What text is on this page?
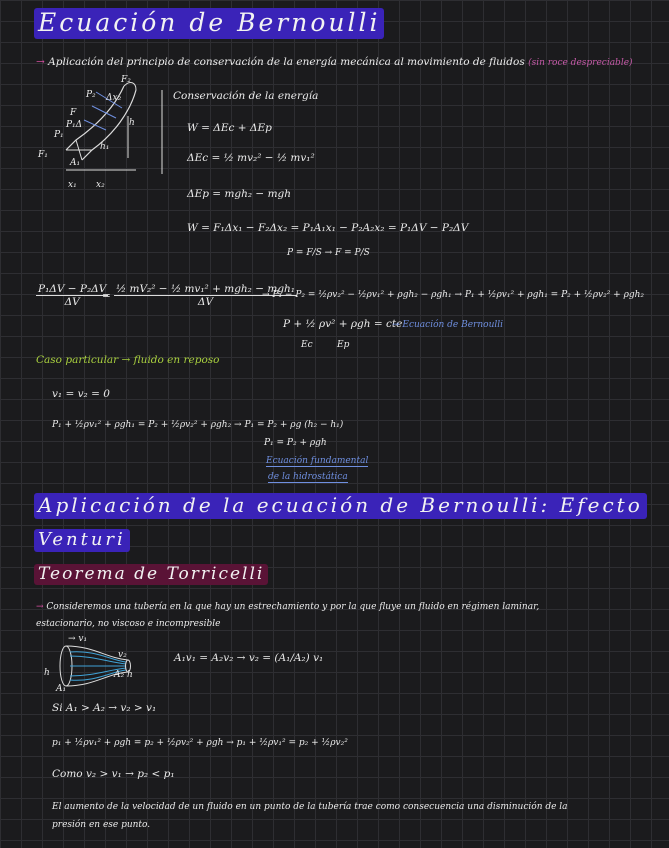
Ecuación de Bernoulli
→ Aplicación del principio de conservación de la energía mecánica al movimiento de fluidos (sin roce despreciable)
F₂
Δx₂
h
h₁
F₁
A₁
x₁ x₂
P₂
P₁
F
P₁Δ
Conservación de la energía
W = ΔEc + ΔEp
ΔEc = ½ mv₂² − ½ mv₁²
ΔEp = mgh₂ − mgh
W = F₁Δx₁ − F₂Δx₂ = P₁A₁x₁ − P₂A₂x₂ = P₁ΔV − P₂ΔV
P = F/S → F = P/S
$\frac{\text{P₁ΔV − P₂ΔV}}{\Delta V}$
=
½ mV₂² − ½ mv₁² + mgh₂ − mgh₁
ΔV
→ P₁ − P₂ = ½ρv₂² − ½ρv₁² + ρgh₂ − ρgh₁ → P₁ + ½ρv₁² + ρgh₁ = P₂ + ½ρv₂² + ρgh₂
P + ½ ρv² + ρgh = cte
→ Ecuación de Bernoulli
Ec	Ep
Caso particular → fluido en reposo
v₁ = v₂ = 0
P₁ + ½ρv₁² + ρgh₁ = P₂ + ½ρv₂² + ρgh₂ → P₁ = P₂ + ρg (h₂ − h₁)
P₁ = P₂ + ρgh
Ecuación fundamental
de la hidrostática
Aplicación de la ecuación de Bernoulli: Efecto
Venturi
Teorema de Torricelli
→ Consideremos una tubería en la que hay un estrechamiento y por la que fluye un fluido en régimen laminar,
estacionario, no viscoso e incompresible
→ v₁
v₂
h
A₁
A₂ h
A₁v₁ = A₂v₂ → v₂ = (A₁/A₂) v₁
Si A₁ > A₂ → v₂ > v₁
p₁ + ½ρv₁² + ρgh = p₂ + ½ρv₂² + ρgh → p₁ + ½ρv₁² = p₂ + ½ρv₂²
Como v₂ > v₁ → p₂ < p₁
El aumento de la velocidad de un fluido en un punto de la tubería trae como consecuencia una disminución de la
presión en ese punto.
